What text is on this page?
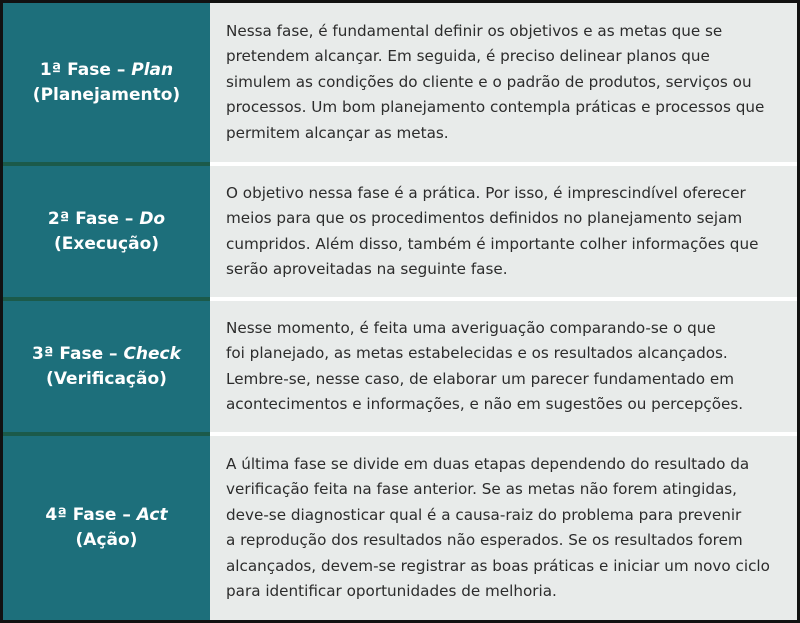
1ª Fase – Plan
(Planejamento)

Nessa fase, é fundamental definir os objetivos e as metas que se
pretendem alcançar. Em seguida, é preciso delinear planos que
simulem as condições do cliente e o padrão de produtos, serviços ou
processos. Um bom planejamento contempla práticas e processos que
permitem alcançar as metas.

2ª Fase – Do
(Execução)

O objetivo nessa fase é a prática. Por isso, é imprescindível oferecer
meios para que os procedimentos definidos no planejamento sejam
cumpridos. Além disso, também é importante colher informações que
serão aproveitadas na seguinte fase.

3ª Fase – Check
(Verificação)

Nesse momento, é feita uma averiguação comparando-se o que
foi planejado, as metas estabelecidas e os resultados alcançados.
Lembre-se, nesse caso, de elaborar um parecer fundamentado em
acontecimentos e informações, e não em sugestões ou percepções.

4ª Fase – Act
(Ação)

A última fase se divide em duas etapas dependendo do resultado da
verificação feita na fase anterior. Se as metas não forem atingidas,
deve-se diagnosticar qual é a causa-raiz do problema para prevenir
a reprodução dos resultados não esperados. Se os resultados forem
alcançados, devem-se registrar as boas práticas e iniciar um novo ciclo
para identificar oportunidades de melhoria.
